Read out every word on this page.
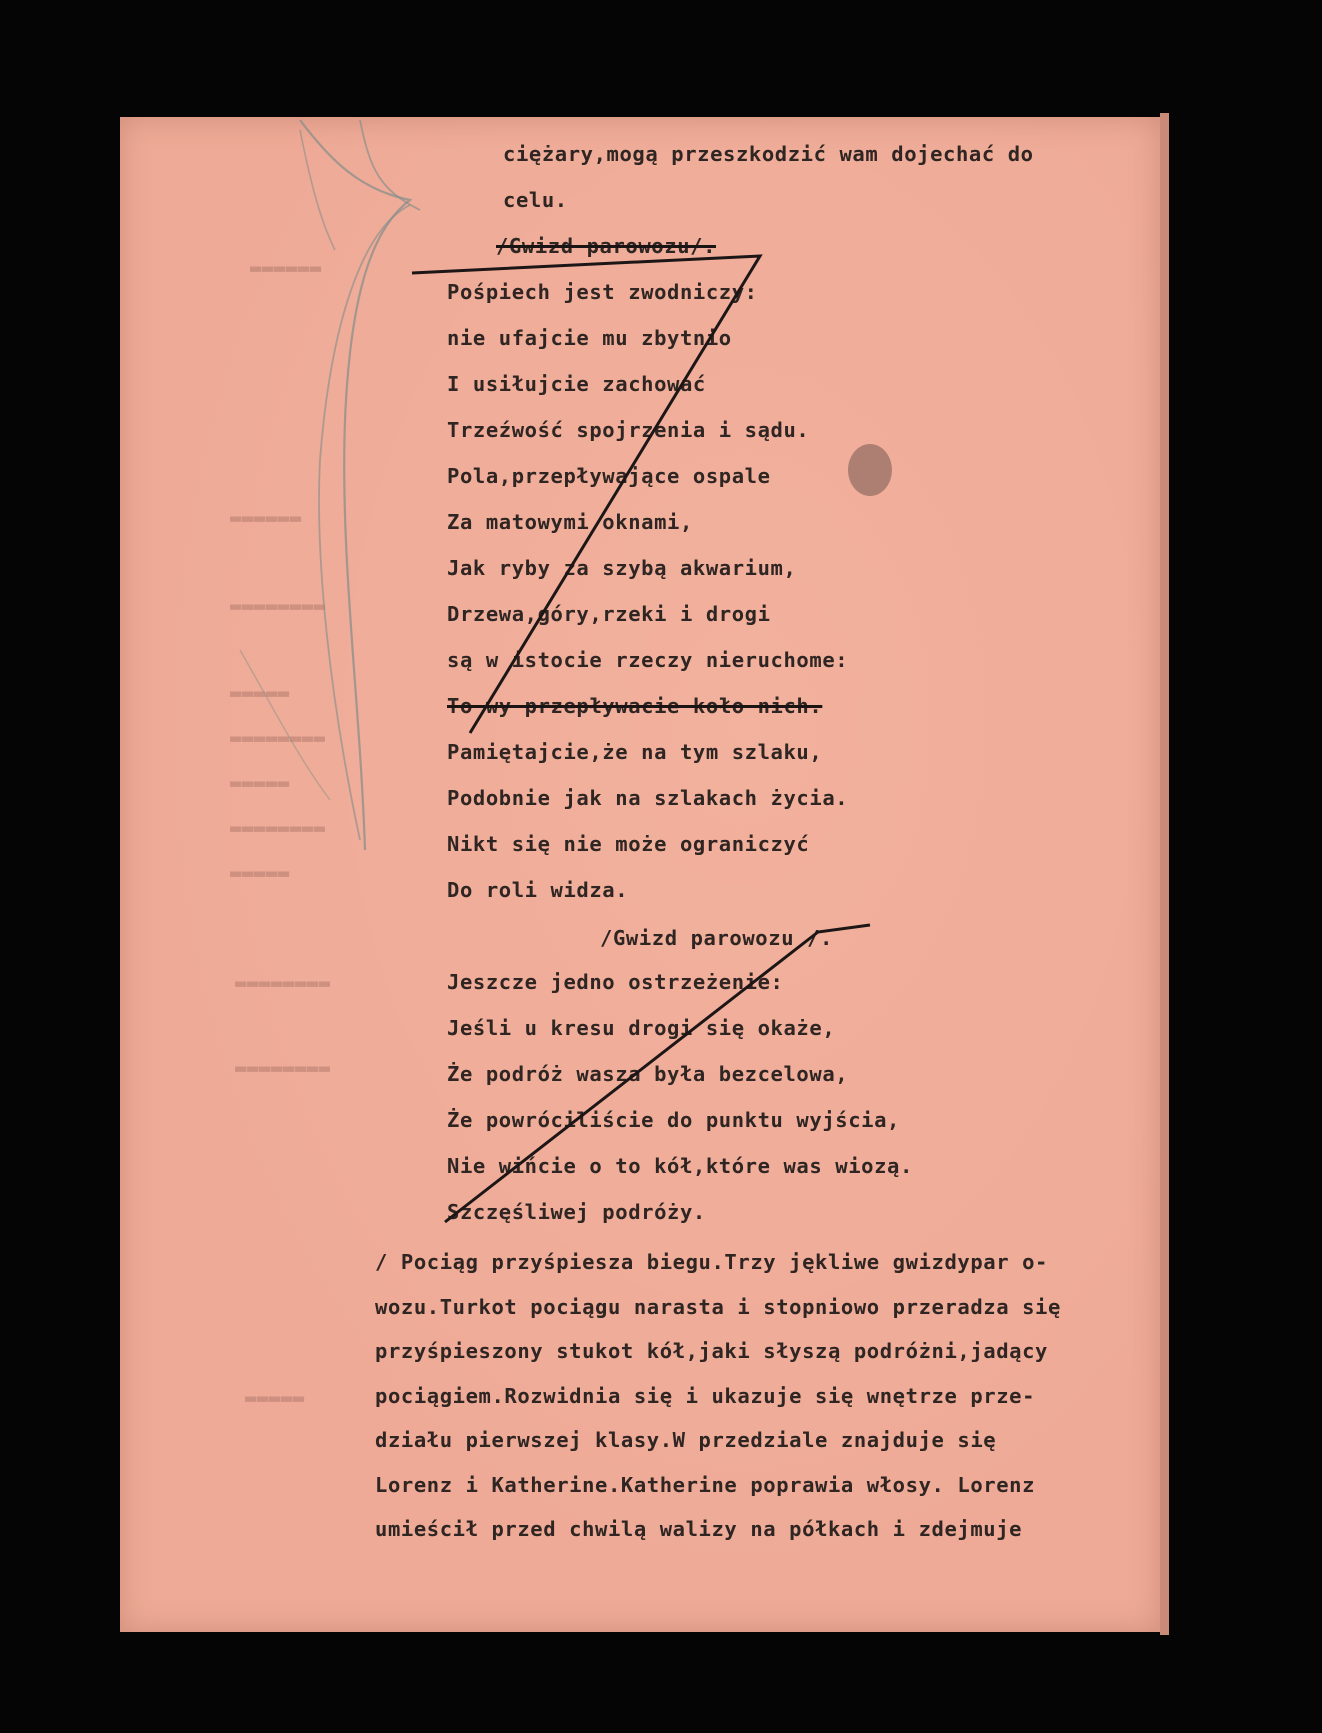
▬▬▬▬▬▬
▬▬▬▬▬▬
▬▬▬▬▬▬▬▬
▬▬▬▬▬
▬▬▬▬▬▬▬▬
▬▬▬▬▬
▬▬▬▬▬▬▬▬
▬▬▬▬▬
▬▬▬▬▬▬▬▬
▬▬▬▬▬▬▬▬
▬▬▬▬▬
ciężary,mogą przeszkodzić wam dojechać do
celu.
/Gwizd parowozu/.
Pośpiech jest zwodniczy:
nie ufajcie mu zbytnio
I usiłujcie zachować
Trzeźwość spojrzenia i sądu.
Pola,przepływające ospale
Za matowymi oknami,
Jak ryby za szybą akwarium,
Drzewa,góry,rzeki i drogi
są w istocie rzeczy nieruchome:
To wy przepływacie koło nich.
Pamiętajcie,że na tym szlaku,
Podobnie jak na szlakach życia.
Nikt się nie może ograniczyć
Do roli widza.
/Gwizd parowozu /.
Jeszcze jedno ostrzeżenie:
Jeśli u kresu drogi się okaże,
Że podróż wasza była bezcelowa,
Że powróciliście do punktu wyjścia,
Nie wińcie o to kół,które was wiozą.
Szczęśliwej podróży.
/ Pociąg przyśpiesza biegu.Trzy jękliwe gwizdypar o-
wozu.Turkot pociągu narasta i stopniowo przeradza się
przyśpieszony stukot kół,jaki słyszą podróżni,jadący
pociągiem.Rozwidnia się i ukazuje się wnętrze prze-
działu pierwszej klasy.W przedziale znajduje się
Lorenz i Katherine.Katherine poprawia włosy. Lorenz
umieścił przed chwilą walizy na półkach i zdejmuje
